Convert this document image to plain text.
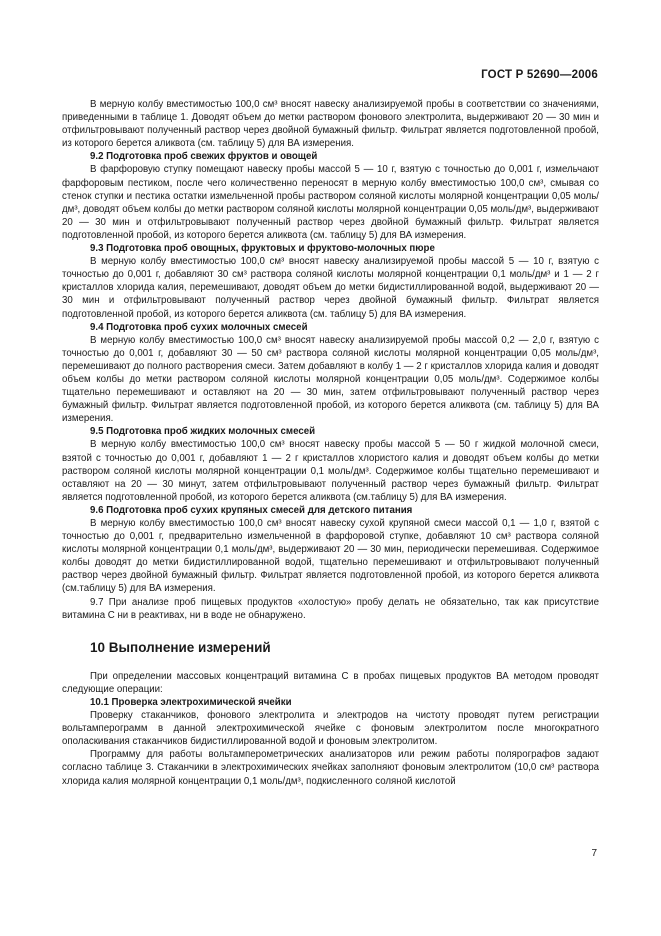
ГОСТ Р 52690—2006
В мерную колбу вместимостью 100,0 см³ вносят навеску анализируемой пробы в соответствии со значениями, приведенными в таблице 1. Доводят объем до метки раствором фонового электролита, выдерживают 20 — 30 мин и отфильтровывают полученный раствор через двойной бумажный фильтр. Фильтрат является подготовленной пробой, из которого берется аликвота (см. таблицу 5) для ВА измерения.
9.2 Подготовка проб свежих фруктов и овощей
В фарфоровую ступку помещают навеску пробы массой 5 — 10 г, взятую с точностью до 0,001 г, измельчают фарфоровым пестиком, после чего количественно переносят в мерную колбу вместимостью 100,0 см³, смывая со стенок ступки и пестика остатки измельченной пробы раствором соляной кислоты молярной концентрации 0,05 моль/дм³, доводят объем колбы до метки раствором соляной кислоты молярной концентрации 0,05 моль/дм³, выдерживают 20 — 30 мин и отфильтровывают полученный раствор через двойной бумажный фильтр. Фильтрат является подготовленной пробой, из которого берется аликвота (см. таблицу 5) для ВА измерения.
9.3 Подготовка проб овощных, фруктовых и фруктово-молочных пюре
В мерную колбу вместимостью 100,0 см³ вносят навеску анализируемой пробы массой 5 — 10 г, взятую с точностью до 0,001 г, добавляют 30 см³ раствора соляной кислоты молярной концентрации 0,1 моль/дм³ и 1 — 2 г кристаллов хлорида калия, перемешивают, доводят объем до метки бидистиллированной водой, выдерживают 20 — 30 мин и отфильтровывают полученный раствор через двойной бумажный фильтр. Фильтрат является подготовленной пробой, из которого берется аликвота (см. таблицу 5) для ВА измерения.
9.4 Подготовка проб сухих молочных смесей
В мерную колбу вместимостью 100,0 см³ вносят навеску анализируемой пробы массой 0,2 — 2,0 г, взятую с точностью до 0,001 г, добавляют 30 — 50 см³ раствора соляной кислоты молярной концентрации 0,05 моль/дм³, перемешивают до полного растворения смеси. Затем добавляют в колбу 1 — 2 г кристаллов хлорида калия и доводят объем колбы до метки раствором соляной кислоты молярной концентрации 0,05 моль/дм³. Содержимое колбы тщательно перемешивают и оставляют на 20 — 30 мин, затем отфильтровывают полученный раствор через бумажный фильтр. Фильтрат является подготовленной пробой, из которого берется аликвота (см. таблицу 5) для ВА измерения.
9.5 Подготовка проб жидких молочных смесей
В мерную колбу вместимостью 100,0 см³ вносят навеску пробы массой 5 — 50 г жидкой молочной смеси, взятой с точностью до 0,001 г, добавляют 1 — 2 г кристаллов хлористого калия и доводят объем колбы до метки раствором соляной кислоты молярной концентрации 0,1 моль/дм³. Содержимое колбы тщательно перемешивают и оставляют на 20 — 30 минут, затем отфильтровывают полученный раствор через бумажный фильтр. Фильтрат является подготовленной пробой, из которого берется аликвота (см.таблицу 5) для ВА измерения.
9.6 Подготовка проб сухих крупяных смесей для детского питания
В мерную колбу вместимостью 100,0 см³ вносят навеску сухой крупяной смеси массой 0,1 — 1,0 г, взятой с точностью до 0,001 г, предварительно измельченной в фарфоровой ступке, добавляют 10 см³ раствора соляной кислоты молярной концентрации 0,1 моль/дм³, выдерживают 20 — 30 мин, периодически перемешивая. Содержимое колбы доводят до метки бидистиллированной водой, тщательно перемешивают и отфильтровывают полученный раствор через двойной бумажный фильтр. Фильтрат является подготовленной пробой, из которого берется аликвота (см.таблицу 5) для ВА измерения.
9.7 При анализе проб пищевых продуктов «холостую» пробу делать не обязательно, так как присутствие витамина С ни в реактивах, ни в воде не обнаружено.
10 Выполнение измерений
При определении массовых концентраций витамина С в пробах пищевых продуктов ВА методом проводят следующие операции:
10.1 Проверка электрохимической ячейки
Проверку стаканчиков, фонового электролита и электродов на чистоту проводят путем регистрации вольтамперограмм в данной электрохимической ячейке с фоновым электролитом после многократного ополаскивания стаканчиков бидистиллированной водой и фоновым электролитом.
Программу для работы вольтамперометрических анализаторов или режим работы полярографов задают согласно таблице 3. Стаканчики в электрохимических ячейках заполняют фоновым электролитом (10,0 см³ раствора хлорида калия молярной концентрации 0,1 моль/дм³, подкисленного соляной кислотой
7
